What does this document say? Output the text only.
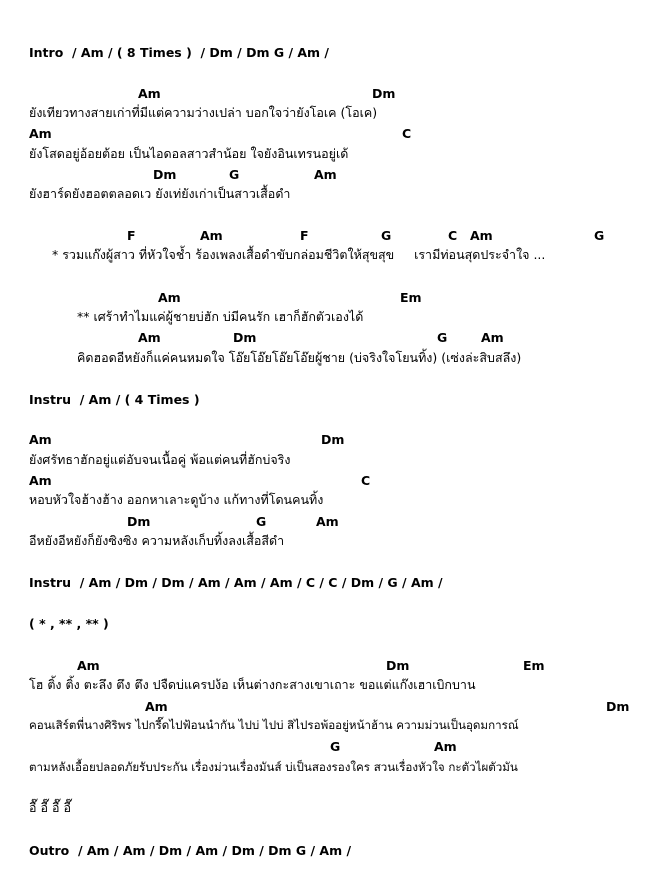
Intro  / Am / ( 8 Times )  / Dm / Dm G / Am /

Am

	Dm

ยังเทียวทางสายเก่าที่มีแต่ความว่างเปล่า บอกใจว่ายังโอเค (โอเค)

Am

	C

ยังโสดอยู่อ้อยต้อย เป็นไอดอลสาวสำน้อย ใจยังอินเทรนอยู่เด้

Dm

	G

	Am

ยังฮาร์ดยังฮอตตลอดเว ยังเท่ยังเก่าเป็นสาวเสื้อดำ

F

	Am

	F

	G

	C

Am

	G

* รวมแก๊งผู้สาว ที่หัวใจช้ำ ร้องเพลงเสื้อดำขับกล่อมชีวิตให้สุขสุข     เรามีท่อนสุดประจำใจ ...

Am

	Em

** เศร้าทำไมแค่ผู้ชายบ่ฮัก บ่มีคนรัก เฮาก็ฮักตัวเองได้

Am

	Dm

	G

	Am

คิดฮอดอีหยังก็แค่คนหมดใจ โอ๊ยโอ๊ยโอ๊ยโอ๊ยผู้ชาย (บ่จริงใจโยนทิ้ง) (เซ่งล่ะสิบสลึง)
Instru  / Am / ( 4 Times )

Am

	Dm

ยังศรัทธาฮักอยู่แต่อับจนเนื้อคู่ พ้อแต่คนที่ฮักบ่จริง

Am

	C

หอบหัวใจฮ้างฮ้าง ออกหาเลาะดูบ้าง แก้ทางที่โดนคนทิ้ง

Dm

	G

	Am

อีหยังอีหยังก็ยังซิงซิง ความหลังเก็บทิ้งลงเสื้อสีดำ
Instru  / Am / Dm / Dm / Am / Am / Am / C / C / Dm / G / Am /
( * , ** , ** )

Am

	Dm

	Em

โฮ ติ้ง ติ้ง ตะลึง ตึง ตึง ปจืดบ่แครปง้อ เห็นต่างกะสางเขาเถาะ ขอแต่แก๊งเฮาเบิกบาน

Am

	Dm

คอนเสิร์ตพี่นางศิริพร ไปกรี๊ดไปฟ้อนนำกัน ไปบ่ ไปบ่ สิไปรอพ้ออยู่หน้าฮ้าน ความม่วนเป็นอุดมการณ์

G

	Am

ตามหลังเอื้อยปลอดภัยรับประกัน เรื่องม่วนเรื่องมันส์ บ่เป็นสองรองใคร สวนเรื่องหัวใจ กะตัวไผตัวมัน
อื๊ อื๊ อื๊ อื๊
Outro  / Am / Am / Dm / Am / Dm / Dm G / Am /
